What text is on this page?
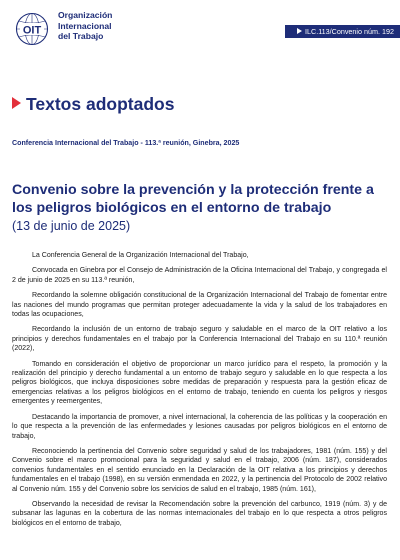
OIT
Organización
Internacional
del Trabajo	ILC.113/Convenio núm. 192
Textos adoptados
Conferencia Internacional del Trabajo - 113.ª reunión, Ginebra, 2025
Convenio sobre la prevención y la protección frente a los peligros biológicos en el entorno de trabajo
(13 de junio de 2025)

La Conferencia General de la Organización Internacional del Trabajo,

Convocada en Ginebra por el Consejo de Administración de la Oficina Internacional del Trabajo, y congregada el 2 de junio de 2025 en su 113.ª reunión,

Recordando la solemne obligación constitucional de la Organización Internacional del Trabajo de fomentar entre las naciones del mundo programas que permitan proteger adecuadamente la vida y la salud de los trabajadores en todas las ocupaciones,

Recordando la inclusión de un entorno de trabajo seguro y saludable en el marco de la OIT relativo a los principios y derechos fundamentales en el trabajo por la Conferencia Internacional del Trabajo en su 110.ª reunión (2022),

Tomando en consideración el objetivo de proporcionar un marco jurídico para el respeto, la promoción y la realización del principio y derecho fundamental a un entorno de trabajo seguro y saludable en lo que respecta a los peligros biológicos, que incluya disposiciones sobre medidas de preparación y respuesta para la gestión eficaz de emergencias relativas a los peligros biológicos en el entorno de trabajo, teniendo en cuenta los peligros y riesgos emergentes y reemergentes,

Destacando la importancia de promover, a nivel internacional, la coherencia de las políticas y la cooperación en lo que respecta a la prevención de las enfermedades y lesiones causadas por peligros biológicos en el entorno de trabajo,

Reconociendo la pertinencia del Convenio sobre seguridad y salud de los trabajadores, 1981 (núm. 155) y del Convenio sobre el marco promocional para la seguridad y salud en el trabajo, 2006 (núm. 187), considerados convenios fundamentales en el sentido enunciado en la Declaración de la OIT relativa a los principios y derechos fundamentales en el trabajo (1998), en su versión enmendada en 2022, y la pertinencia del Protocolo de 2002 relativo al Convenio núm. 155 y del Convenio sobre los servicios de salud en el trabajo, 1985 (núm. 161),

Observando la necesidad de revisar la Recomendación sobre la prevención del carbunco, 1919 (núm. 3) y de subsanar las lagunas en la cobertura de las normas internacionales del trabajo en lo que respecta a otros peligros biológicos en el entorno de trabajo,
